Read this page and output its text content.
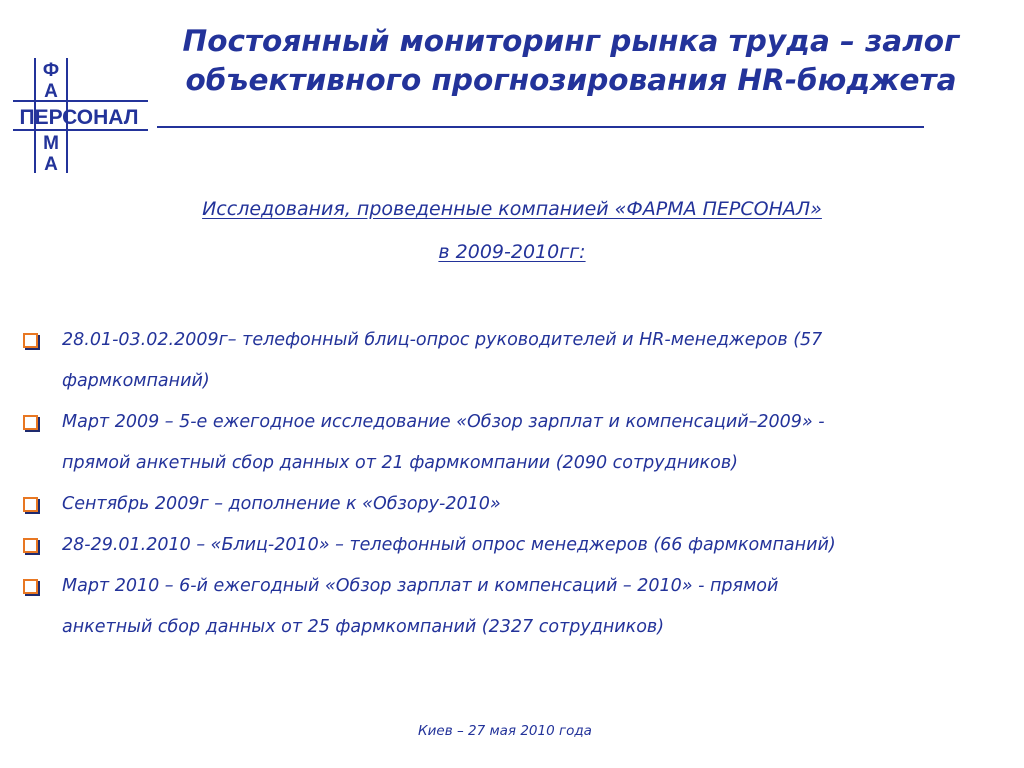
Ф
А
ПЕРСОНАЛ
М
А
Постоянный мониторинг рынка труда – залог
объективного прогнозирования HR-бюджета

Исследования, проведенные компанией «ФАРМА ПЕРСОНАЛ»
в 2009-2010гг:

28.01-03.02.2009г– телефонный блиц-опрос руководителей и HR-менеджеров (57
фармкомпаний)
Март 2009 – 5-е ежегодное исследование «Обзор зарплат и компенсаций–2009» -
прямой анкетный сбор данных от 21 фармкомпании (2090 сотрудников)
Сентябрь 2009г – дополнение к «Обзору-2010»
28-29.01.2010 – «Блиц-2010» – телефонный опрос менеджеров (66 фармкомпаний)
Март 2010 – 6-й ежегодный «Обзор зарплат и компенсаций – 2010» - прямой
анкетный сбор данных от 25 фармкомпаний (2327 сотрудников)

Киев – 27 мая 2010 года
